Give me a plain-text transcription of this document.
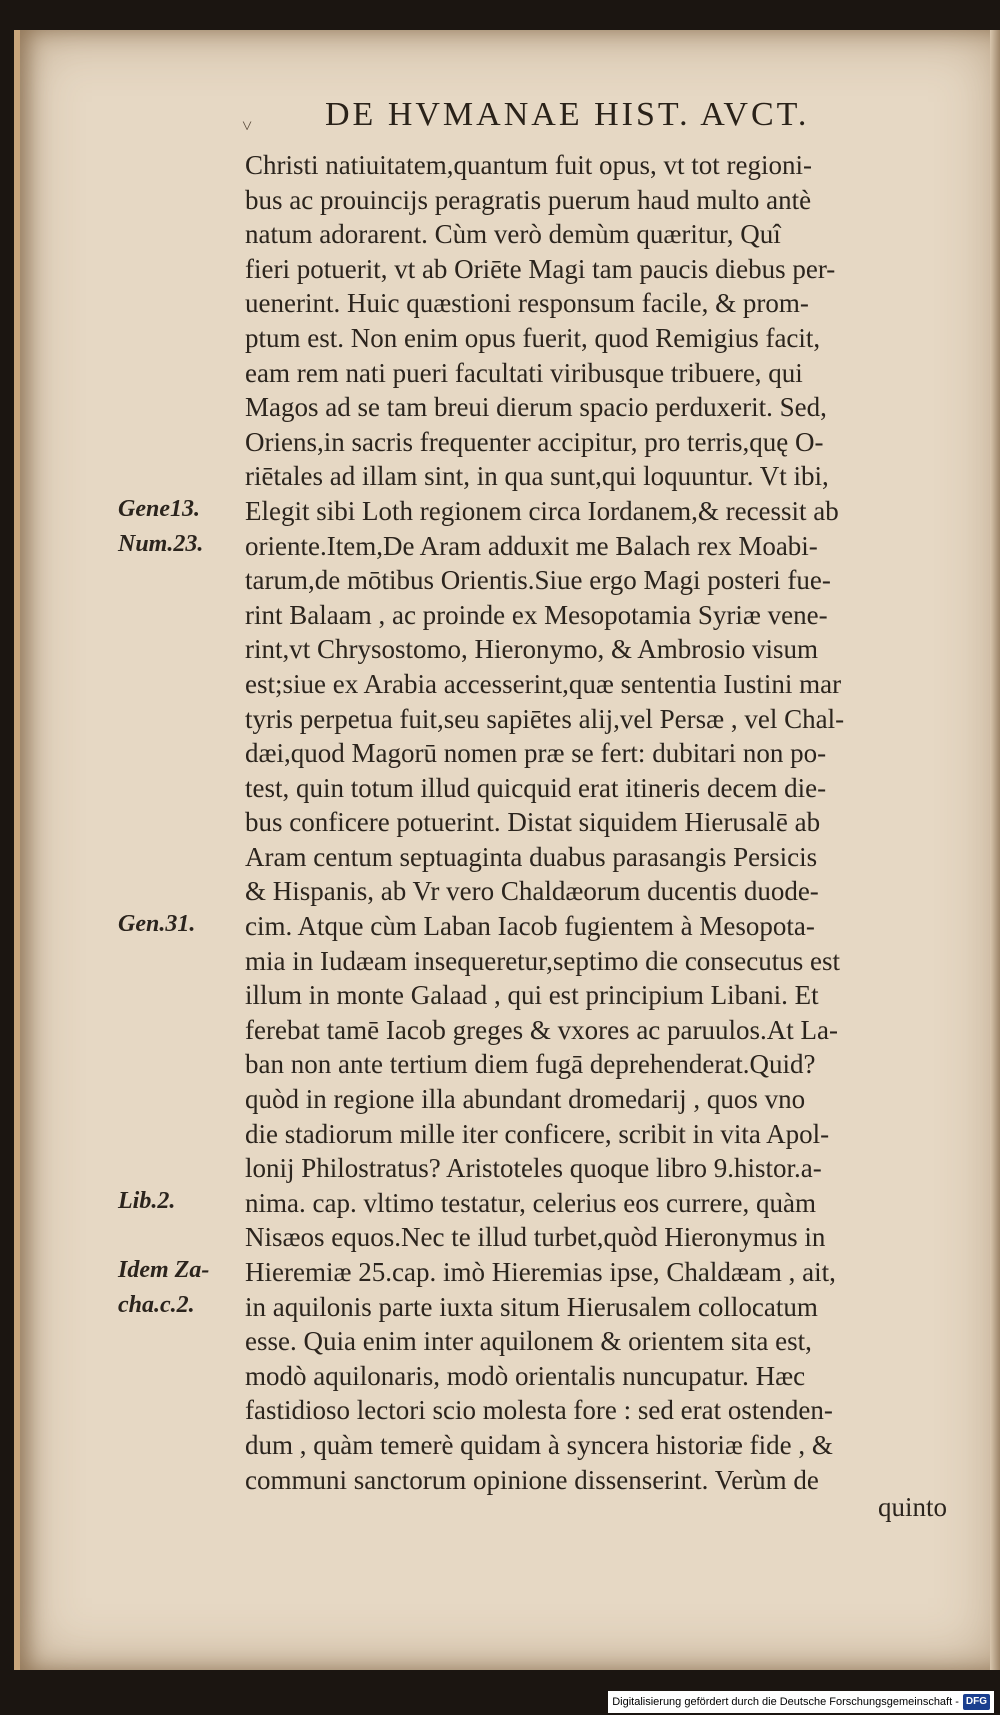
˅ DE HVMANAE HIST. AVCT.
Christi natiuitatem,quantum fuit opus, vt tot regioni-
bus ac prouincijs peragratis puerum haud multo antè
natum adorarent. Cùm verò demùm quæritur, Quî
fieri potuerit, vt ab Oriēte Magi tam paucis diebus per-
uenerint. Huic quæstioni responsum facile, & prom-
ptum est. Non enim opus fuerit, quod Remigius facit,
eam rem nati pueri facultati viribusque tribuere, qui
Magos ad se tam breui dierum spacio perduxerit. Sed,
Oriens,in sacris frequenter accipitur, pro terris,quę O-
riētales ad illam sint, in qua sunt,qui loquuntur. Vt ibi,
Elegit sibi Loth regionem circa Iordanem,& recessit ab
oriente.Item,De Aram adduxit me Balach rex Moabi-
tarum,de mōtibus Orientis.Siue ergo Magi posteri fue-
rint Balaam , ac proinde ex Mesopotamia Syriæ vene-
rint,vt Chrysostomo, Hieronymo, & Ambrosio visum
est;siue ex Arabia accesserint,quæ sententia Iustini mar
tyris perpetua fuit,seu sapiētes alij,vel Persæ , vel Chal-
dæi,quod Magorū nomen præ se fert: dubitari non po-
test, quin totum illud quicquid erat itineris decem die-
bus conficere potuerint. Distat siquidem Hierusalē ab
Aram centum septuaginta duabus parasangis Persicis
& Hispanis, ab Vr vero Chaldæorum ducentis duode-
cim. Atque cùm Laban Iacob fugientem à Mesopota-
mia in Iudæam insequeretur,septimo die consecutus est
illum in monte Galaad , qui est principium Libani. Et
ferebat tamē Iacob greges & vxores ac paruulos.At La-
ban non ante tertium diem fugā deprehenderat.Quid?
quòd in regione illa abundant dromedarij , quos vno
die stadiorum mille iter conficere, scribit in vita Apol-
lonij Philostratus? Aristoteles quoque libro 9.histor.a-
nima. cap. vltimo testatur, celerius eos currere, quàm
Nisæos equos.Nec te illud turbet,quòd Hieronymus in
Hieremiæ 25.cap. imò Hieremias ipse, Chaldæam , ait,
in aquilonis parte iuxta situm Hierusalem collocatum
esse. Quia enim inter aquilonem & orientem sita est,
modò aquilonaris, modò orientalis nuncupatur. Hæc
fastidioso lectori scio molesta fore : sed erat ostenden-
dum , quàm temerè quidam à syncera historiæ fide , &
communi sanctorum opinione dissenserint. Verùm de
Gene13.
Num.23.
Gen.31.
Lib.2.
Idem Za-
cha.c.2.
quinto
Digitalisierung gefördert durch die Deutsche Forschungsgemeinschaft - DFG
